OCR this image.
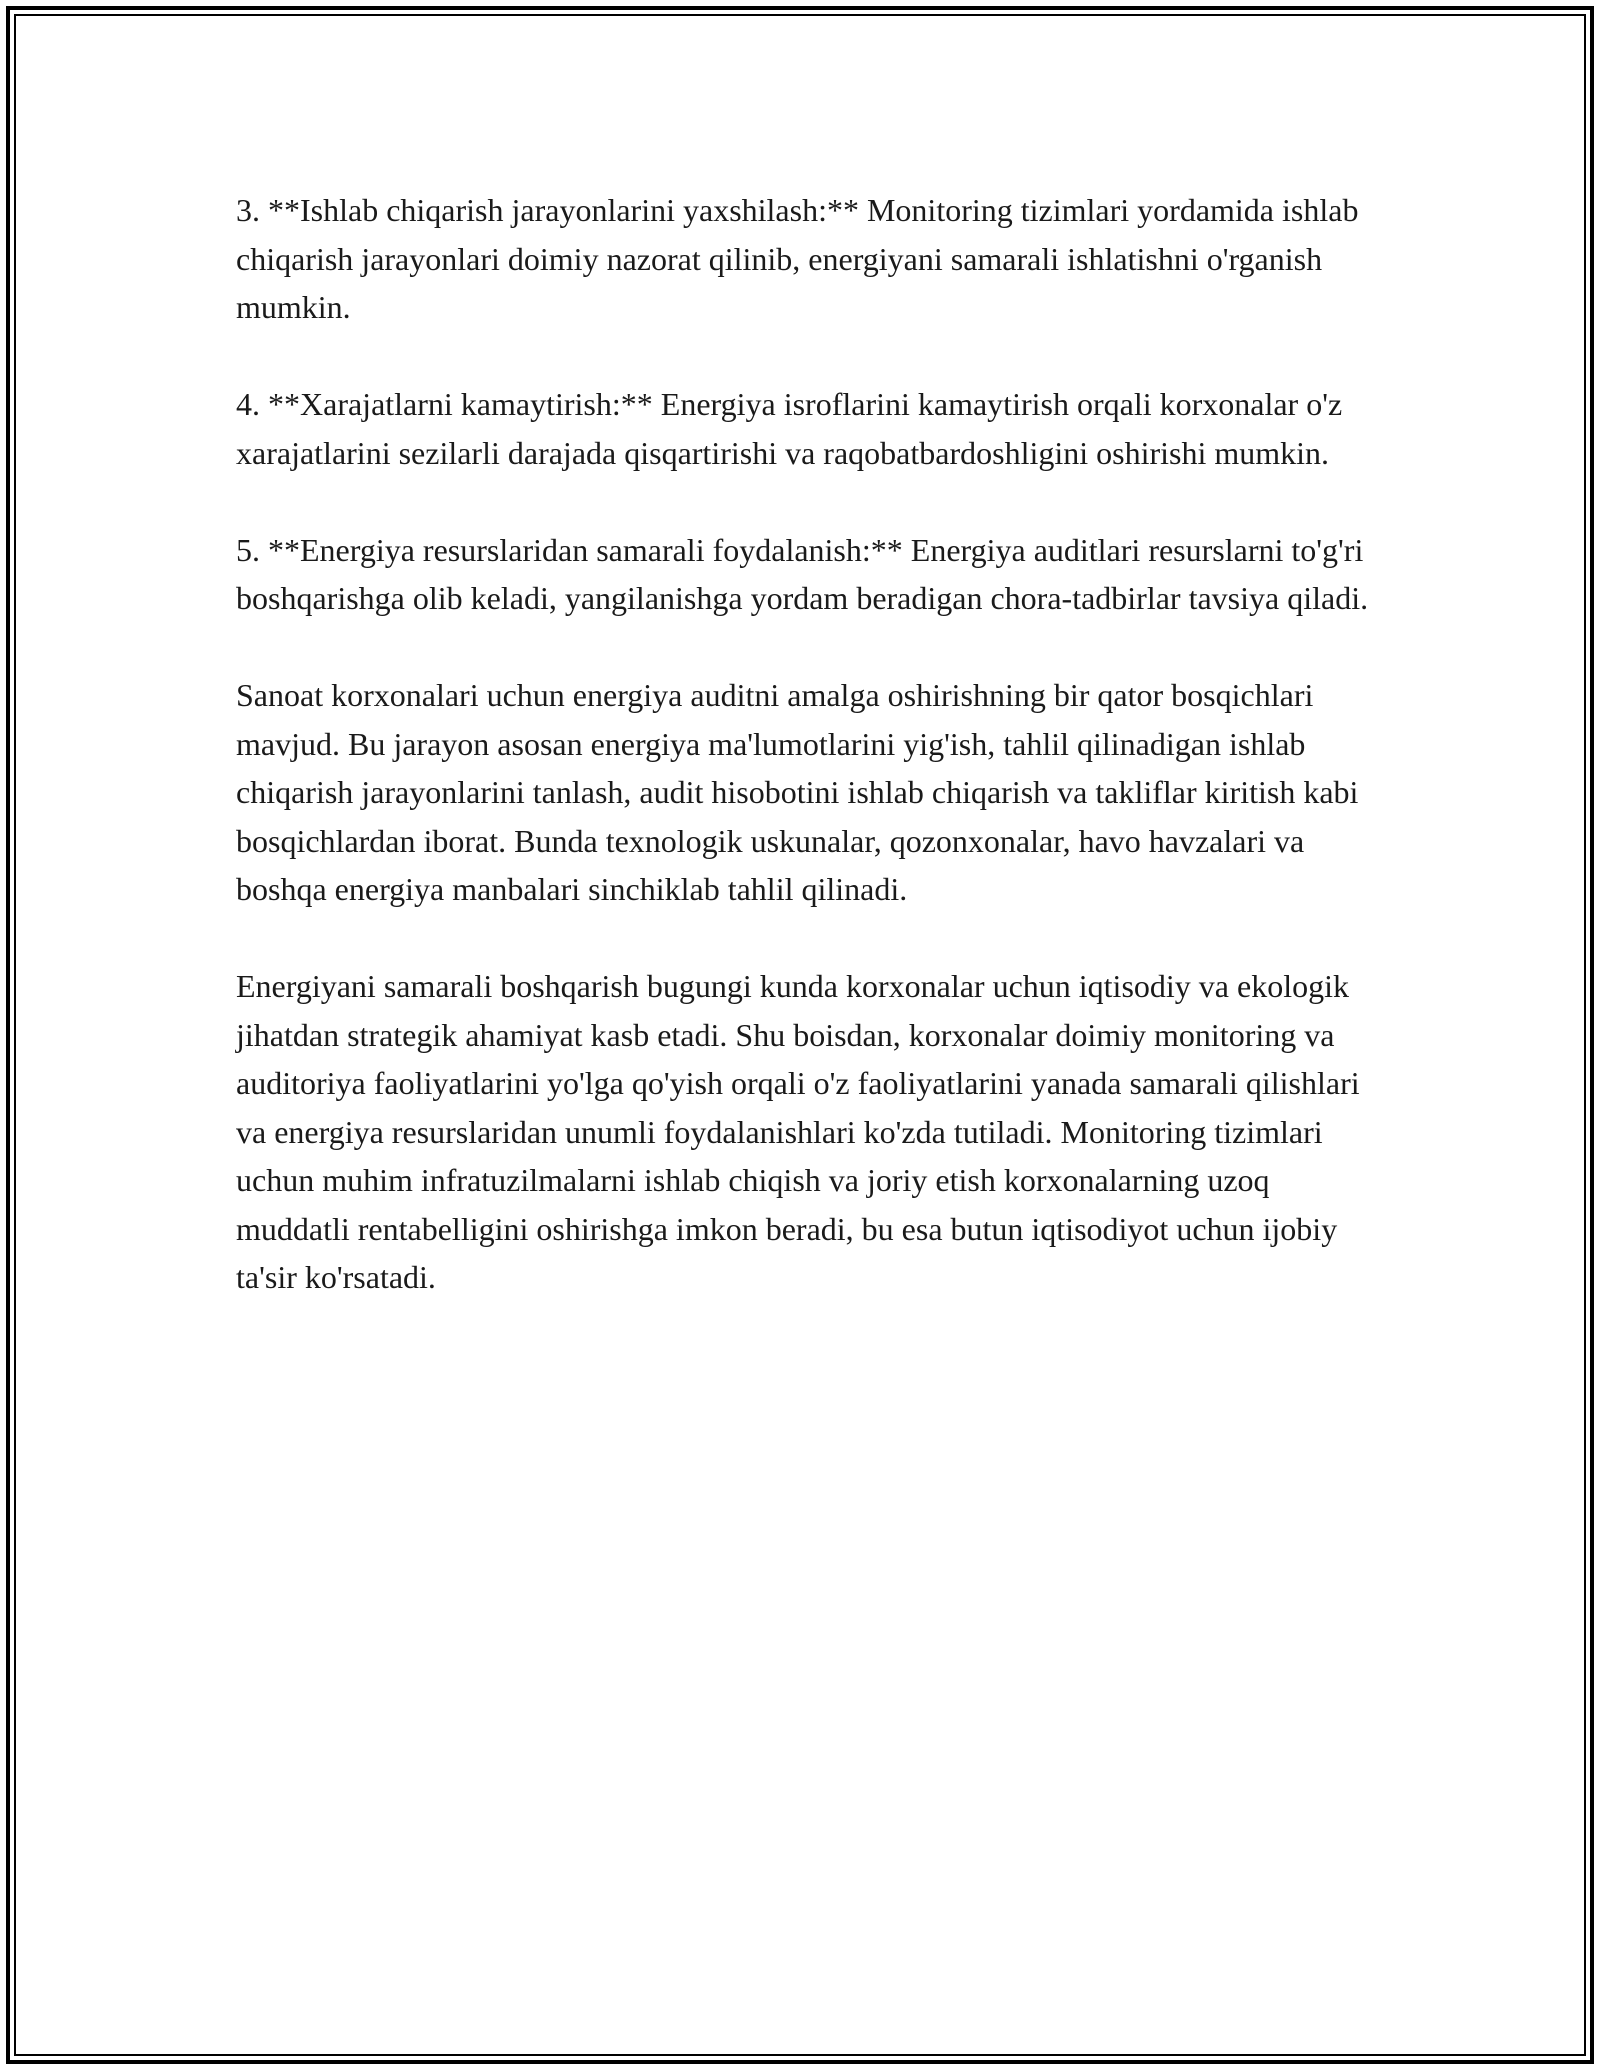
3. **Ishlab chiqarish jarayonlarini yaxshilash:** Monitoring tizimlari yordamida ishlab chiqarish jarayonlari doimiy nazorat qilinib, energiyani samarali ishlatishni o'rganish mumkin.

4. **Xarajatlarni kamaytirish:** Energiya isroflarini kamaytirish orqali korxonalar o'z xarajatlarini sezilarli darajada qisqartirishi va raqobatbardoshligini oshirishi mumkin.

5. **Energiya resurslaridan samarali foydalanish:** Energiya auditlari resurslarni to'g'ri boshqarishga olib keladi, yangilanishga yordam beradigan chora-tadbirlar tavsiya qiladi.

Sanoat korxonalari uchun energiya auditni amalga oshirishning bir qator bosqichlari mavjud. Bu jarayon asosan energiya ma'lumotlarini yig'ish, tahlil qilinadigan ishlab chiqarish jarayonlarini tanlash, audit hisobotini ishlab chiqarish va takliflar kiritish kabi bosqichlardan iborat. Bunda texnologik uskunalar, qozonxonalar, havo havzalari va boshqa energiya manbalari sinchiklab tahlil qilinadi.

Energiyani samarali boshqarish bugungi kunda korxonalar uchun iqtisodiy va ekologik jihatdan strategik ahamiyat kasb etadi. Shu boisdan, korxonalar doimiy monitoring va auditoriya faoliyatlarini yo'lga qo'yish orqali o'z faoliyatlarini yanada samarali qilishlari va energiya resurslaridan unumli foydalanishlari ko'zda tutiladi. Monitoring tizimlari uchun muhim infratuzilmalarni ishlab chiqish va joriy etish korxonalarning uzoq muddatli rentabelligini oshirishga imkon beradi, bu esa butun iqtisodiyot uchun ijobiy ta'sir ko'rsatadi.
